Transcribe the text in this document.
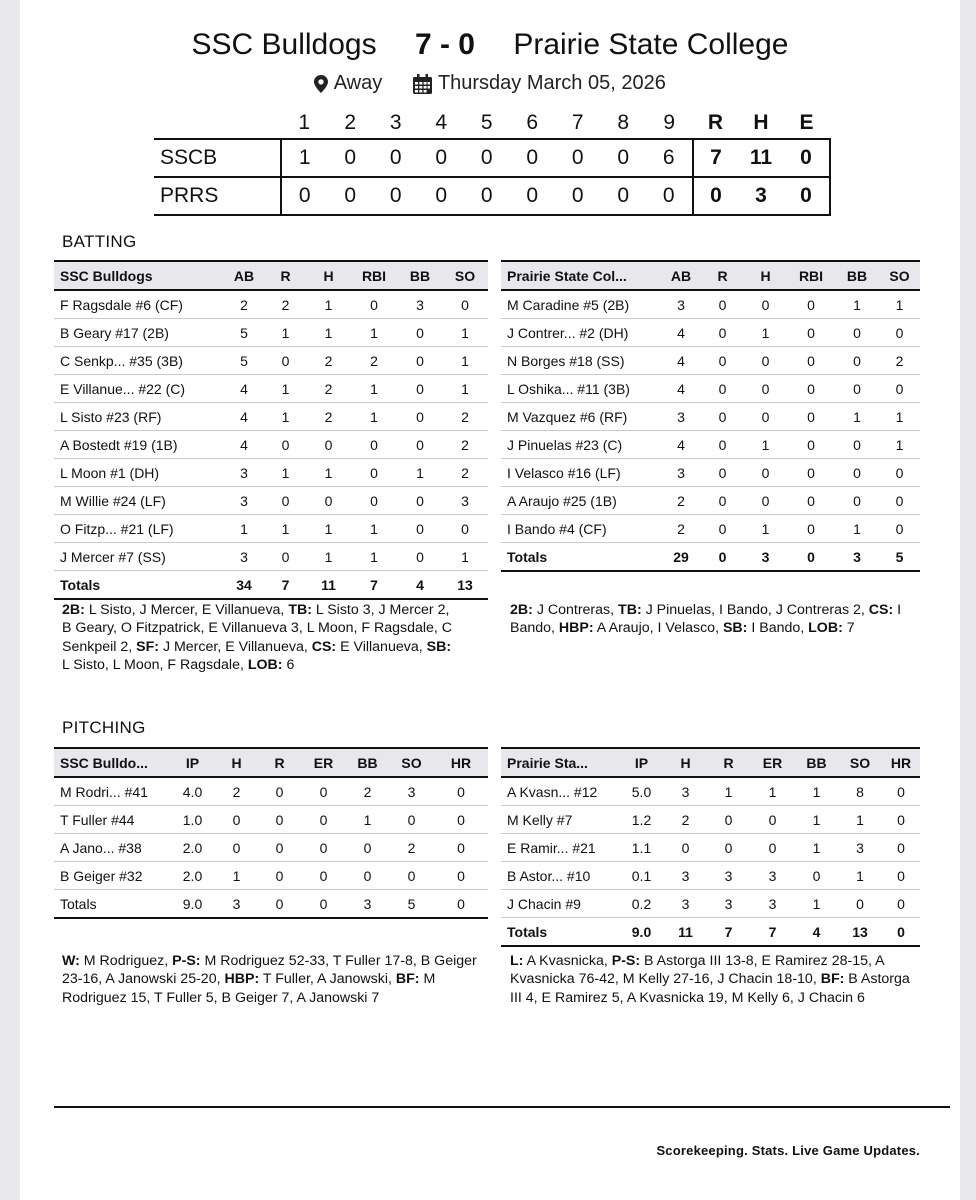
SSC Bulldogs 7 - 0 Prairie State College
Away	Thursday March 05, 2026
	1	2	3	4	5	6	7	8	9	R	H	E
SSCB	1	0	0	0	0	0	0	0	6	7	11	0
PRRS	0	0	0	0	0	0	0	0	0	0	3	0
BATTING
SSC Bulldogs	AB	R	H	RBI	BB	SO
F Ragsdale #6 (CF)	2	2	1	0	3	0
B Geary #17 (2B)	5	1	1	1	0	1
C Senkp... #35 (3B)	5	0	2	2	0	1
E Villanue... #22 (C)	4	1	2	1	0	1
L Sisto #23 (RF)	4	1	2	1	0	2
A Bostedt #19 (1B)	4	0	0	0	0	2
L Moon #1 (DH)	3	1	1	0	1	2
M Willie #24 (LF)	3	0	0	0	0	3
O Fitzp... #21 (LF)	1	1	1	1	0	0
J Mercer #7 (SS)	3	0	1	1	0	1
Totals	34	7	11	7	4	13
Prairie State Col...	AB	R	H	RBI	BB	SO
M Caradine #5 (2B)	3	0	0	0	1	1
J Contrer... #2 (DH)	4	0	1	0	0	0
N Borges #18 (SS)	4	0	0	0	0	2
L Oshika... #11 (3B)	4	0	0	0	0	0
M Vazquez #6 (RF)	3	0	0	0	1	1
J Pinuelas #23 (C)	4	0	1	0	0	1
I Velasco #16 (LF)	3	0	0	0	0	0
A Araujo #25 (1B)	2	0	0	0	0	0
I Bando #4 (CF)	2	0	1	0	1	0
Totals	29	0	3	0	3	5
2B: L Sisto, J Mercer, E Villanueva, TB: L Sisto 3, J Mercer 2, B Geary, O Fitzpatrick, E Villanueva 3, L Moon, F Ragsdale, C Senkpeil 2, SF: J Mercer, E Villanueva, CS: E Villanueva, SB: L Sisto, L Moon, F Ragsdale, LOB: 6
2B: J Contreras, TB: J Pinuelas, I Bando, J Contreras 2, CS: I Bando, HBP: A Araujo, I Velasco, SB: I Bando, LOB: 7
PITCHING
SSC Bulldo...	IP	H	R	ER	BB	SO	HR
M Rodri... #41	4.0	2	0	0	2	3	0
T Fuller #44	1.0	0	0	0	1	0	0
A Jano... #38	2.0	0	0	0	0	2	0
B Geiger #32	2.0	1	0	0	0	0	0
Totals	9.0	3	0	0	3	5	0
Prairie Sta...	IP	H	R	ER	BB	SO	HR
A Kvasn... #12	5.0	3	1	1	1	8	0
M Kelly #7	1.2	2	0	0	1	1	0
E Ramir... #21	1.1	0	0	0	1	3	0
B Astor... #10	0.1	3	3	3	0	1	0
J Chacin #9	0.2	3	3	3	1	0	0
Totals	9.0	11	7	7	4	13	0
W: M Rodriguez, P-S: M Rodriguez 52-33, T Fuller 17-8, B Geiger 23-16, A Janowski 25-20, HBP: T Fuller, A Janowski, BF: M Rodriguez 15, T Fuller 5, B Geiger 7, A Janowski 7
L: A Kvasnicka, P-S: B Astorga III 13-8, E Ramirez 28-15, A Kvasnicka 76-42, M Kelly 27-16, J Chacin 18-10, BF: B Astorga III 4, E Ramirez 5, A Kvasnicka 19, M Kelly 6, J Chacin 6
Scorekeeping. Stats. Live Game Updates.
